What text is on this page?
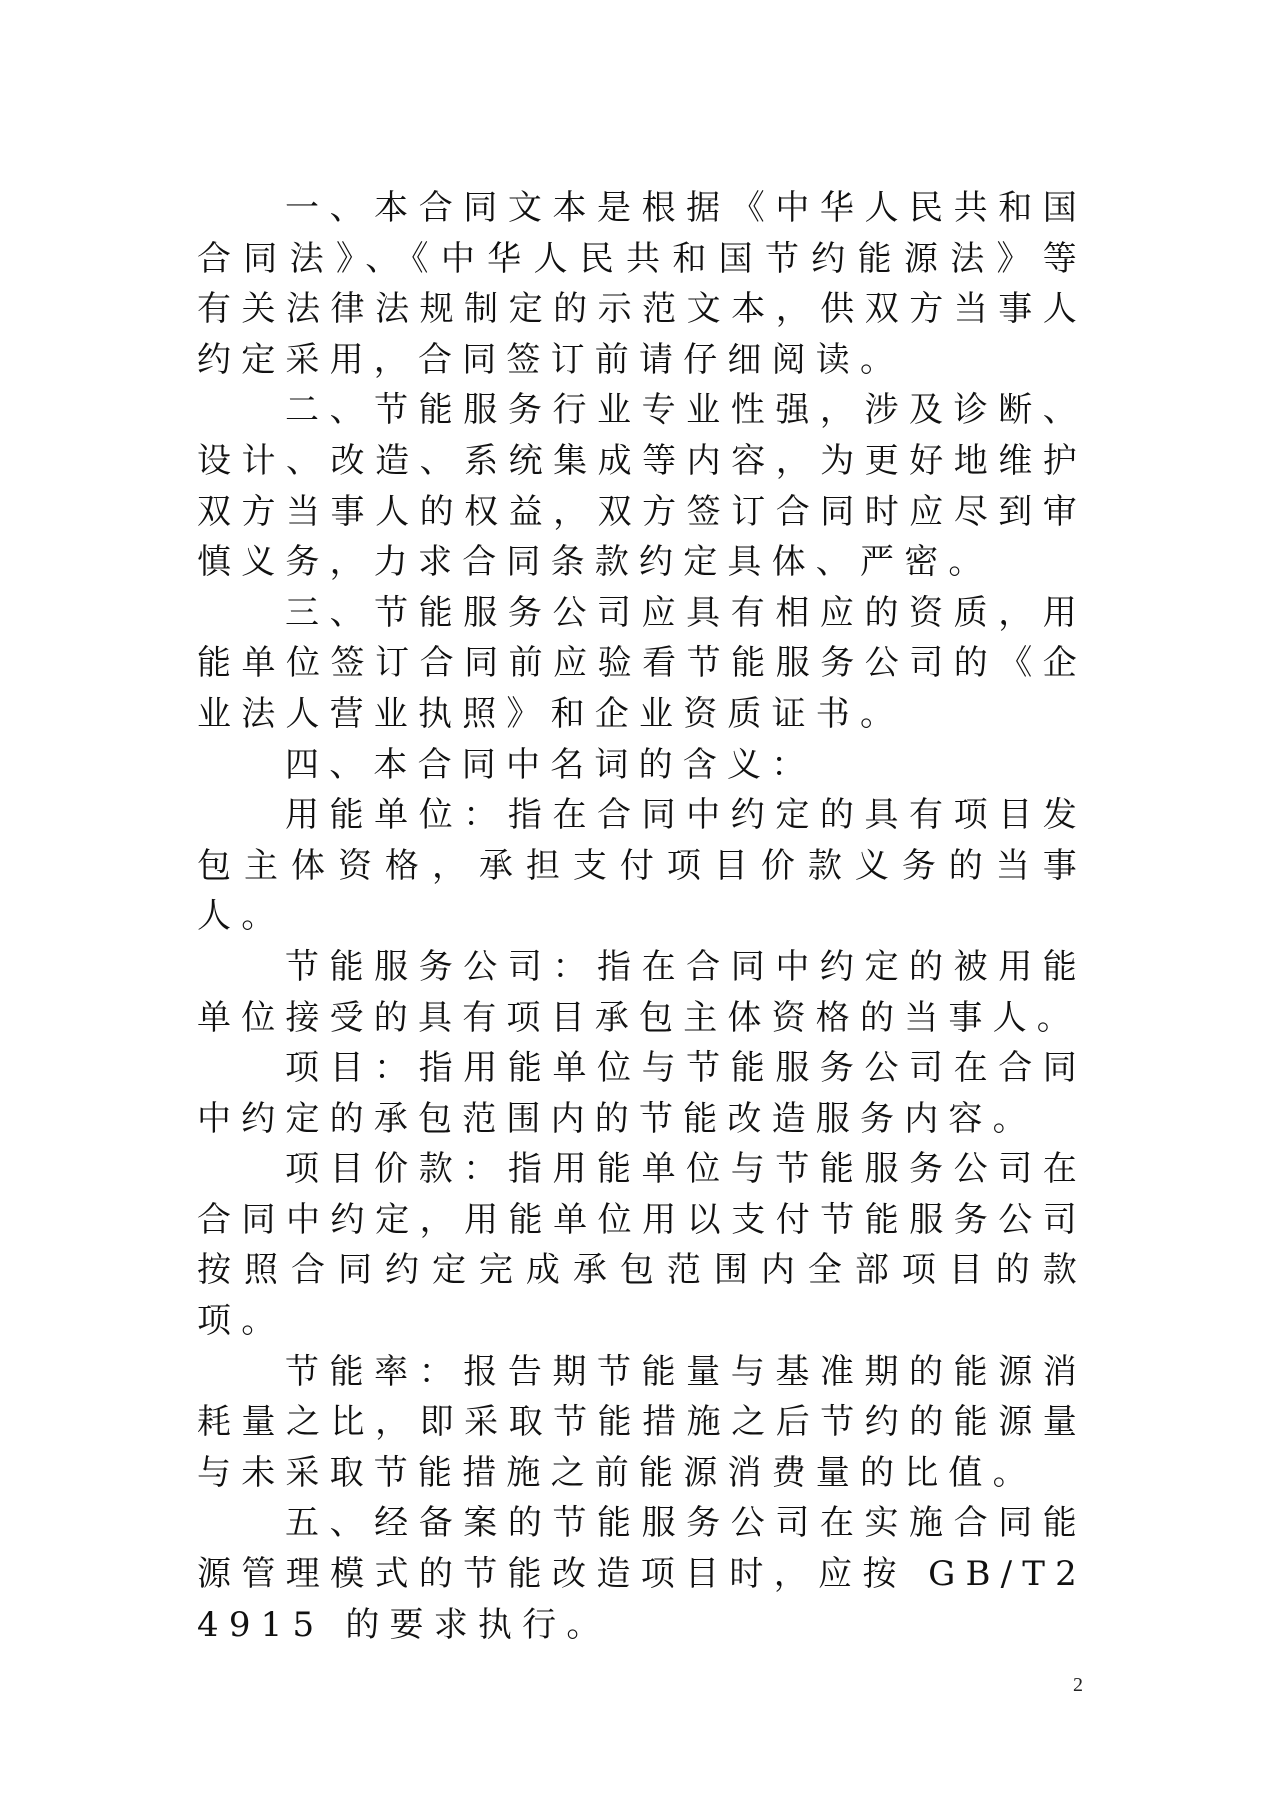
一、本合同文本是根据《中华人民共和国合同法》、《中华人民共和国节约能源法》等有关法律法规制定的示范文本，供双方当事人约定采用，合同签订前请仔细阅读。

二、节能服务行业专业性强，涉及诊断、设计、改造、系统集成等内容，为更好地维护双方当事人的权益，双方签订合同时应尽到审慎义务，力求合同条款约定具体、严密。

三、节能服务公司应具有相应的资质，用能单位签订合同前应验看节能服务公司的《企业法人营业执照》和企业资质证书。

四、本合同中名词的含义：

用能单位：指在合同中约定的具有项目发包主体资格，承担支付项目价款义务的当事人。

节能服务公司：指在合同中约定的被用能单位接受的具有项目承包主体资格的当事人。

项目：指用能单位与节能服务公司在合同中约定的承包范围内的节能改造服务内容。

项目价款：指用能单位与节能服务公司在合同中约定，用能单位用以支付节能服务公司按照合同约定完成承包范围内全部项目的款项。

节能率：报告期节能量与基准期的能源消耗量之比，即采取节能措施之后节约的能源量与未采取节能措施之前能源消费量的比值。

五、经备案的节能服务公司在实施合同能源管理模式的节能改造项目时，应按 GB/T24915 的要求执行。

2
